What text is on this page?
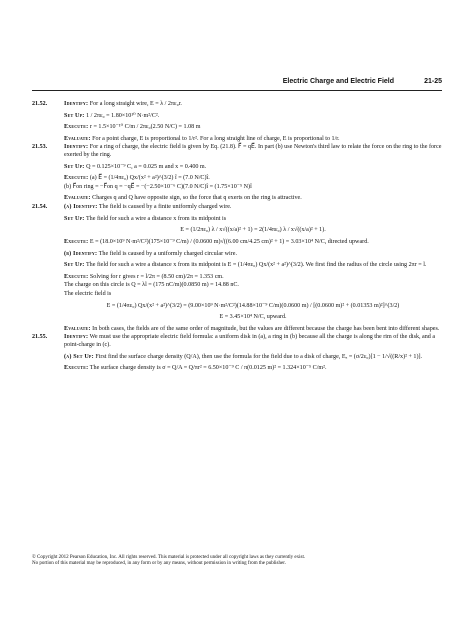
Electric Charge and Electric Field	21-25
21.52.	Identify: For a long straight wire, E = λ / 2πε₀r.
Set Up: 1 / 2πε₀ = 1.80×10¹⁰ N·m²/C².
Execute: r = 1.5×10⁻¹⁰ C/m / 2πε₀(2.50 N/C) = 1.08 m
Evaluate: For a point charge, E is proportional to 1/r². For a long straight line of charge, E is proportional to 1/r.
21.53.	Identify: For a ring of charge, the electric field is given by Eq. (21.8). F⃗ = qE⃗. In part (b) use Newton's third law to relate the force on the ring to the force exerted by the ring.
Set Up: Q = 0.125×10⁻⁹ C, a = 0.025 m and x = 0.400 m.
Execute: (a) E⃗ = (1/4πε₀) Qx/(x² + a²)^(3/2) î = (7.0 N/C)î.
(b) F⃗on ring = −F⃗on q = −qE⃗ = −(−2.50×10⁻⁶ C)(7.0 N/C)î = (1.75×10⁻⁵ N)î
Evaluate: Charges q and Q have opposite sign, so the force that q exerts on the ring is attractive.
21.54.	(a) Identify: The field is caused by a finite uniformly charged wire.
Set Up: The field for such a wire a distance x from its midpoint is
E = (1/2πε₀) λ / x√((x/a)² + 1) = 2(1/4πε₀) λ / x√((x/a)² + 1).
Execute: E = (18.0×10⁹ N·m²/C²)(175×10⁻⁹ C/m) / (0.0600 m)√((6.00 cm/4.25 cm)² + 1) = 3.03×10⁴ N/C, directed upward.
(b) Identify: The field is caused by a uniformly charged circular wire.
Set Up: The field for such a wire a distance x from its midpoint is E = (1/4πε₀) Qx/(x² + a²)^(3/2). We first find the radius of the circle using 2πr = l.
Execute: Solving for r gives r = l/2π = (8.50 cm)/2π = 1.353 cm.
The charge on this circle is Q = λl = (175 nC/m)(0.0850 m) = 14.88 nC.
The electric field is
E = (1/4πε₀) Qx/(x² + a²)^(3/2) = (9.00×10⁹ N·m²/C²)(14.88×10⁻⁹ C/m)(0.0600 m) / [(0.0600 m)² + (0.01353 m)²]^(3/2)
E = 3.45×10⁴ N/C, upward.
Evaluate: In both cases, the fields are of the same order of magnitude, but the values are different because the charge has been bent into different shapes.
21.55.	Identify: We must use the appropriate electric field formula: a uniform disk in (a), a ring in (b) because all the charge is along the rim of the disk, and a point-charge in (c).
(a) Set Up: First find the surface charge density (Q/A), then use the formula for the field due to a disk of charge, Eₓ = (σ/2ε₀)[1 − 1/√((R/x)² + 1)].
Execute: The surface charge density is σ = Q/A = Q/πr² = 6.50×10⁻⁹ C / π(0.0125 m)² = 1.324×10⁻⁵ C/m².
© Copyright 2012 Pearson Education, Inc. All rights reserved. This material is protected under all copyright laws as they currently exist.
No portion of this material may be reproduced, in any form or by any means, without permission in writing from the publisher.
